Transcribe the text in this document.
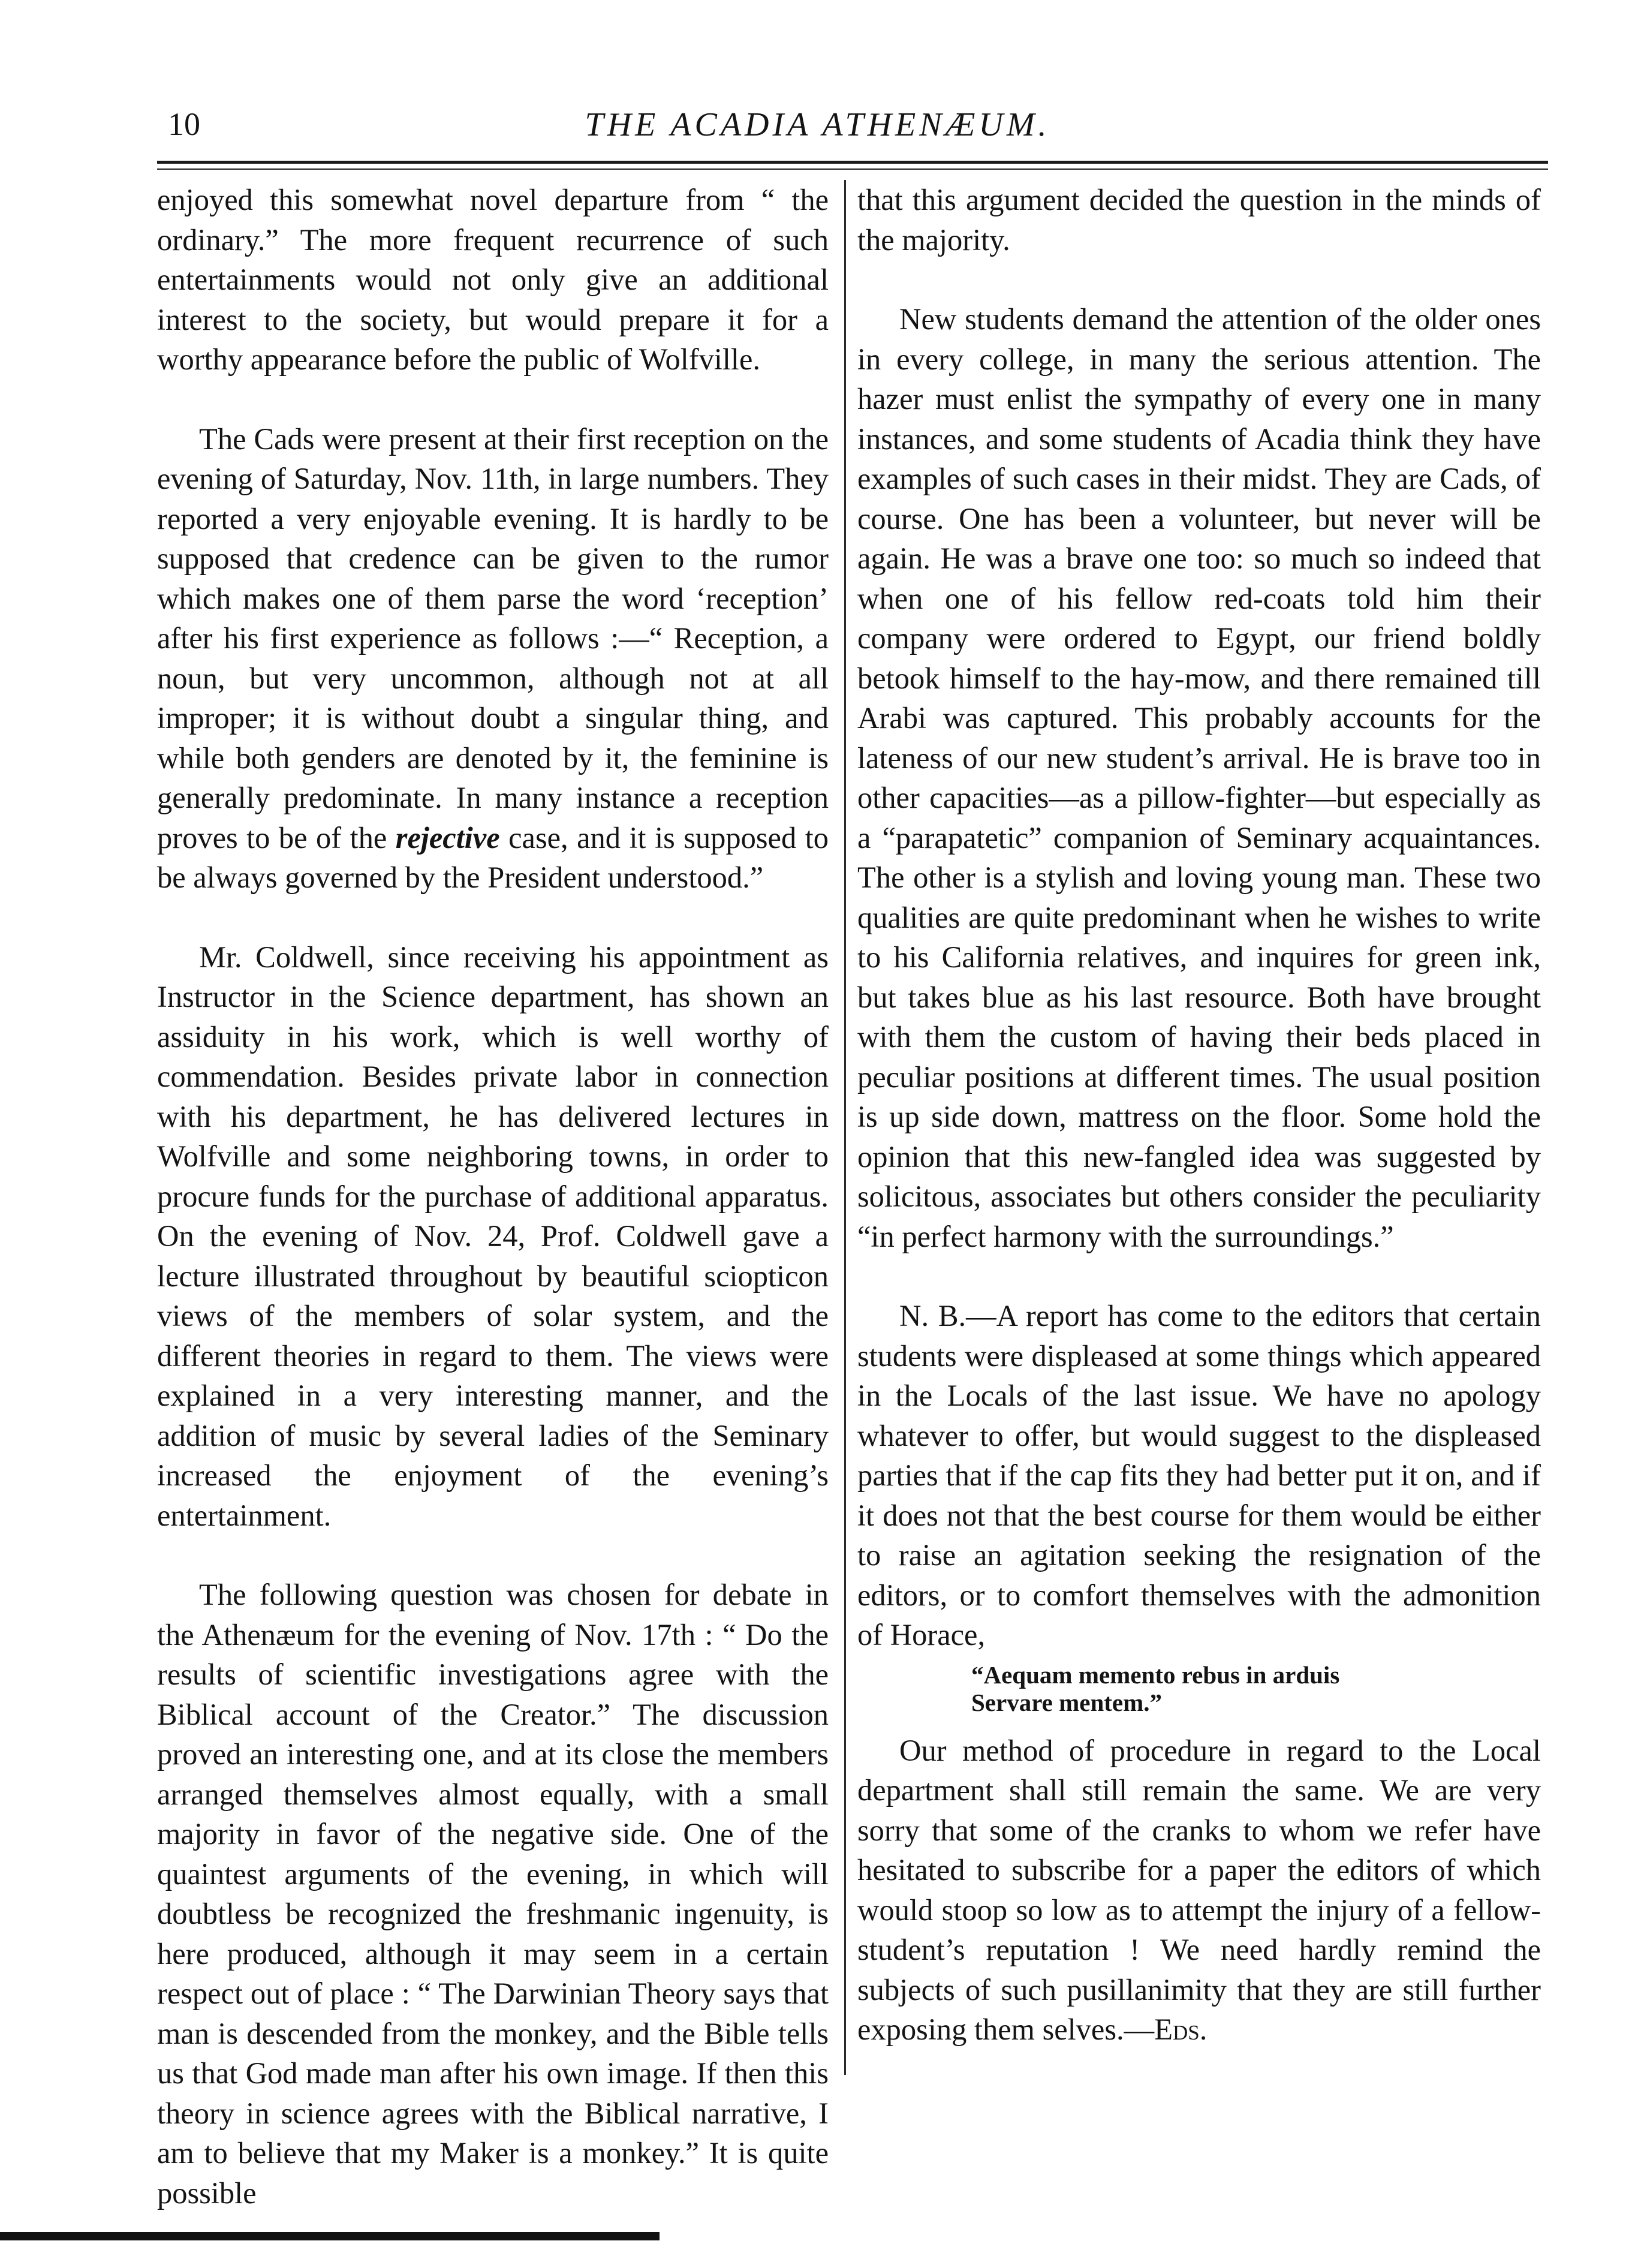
10	THE ACADIA ATHENÆUM.

enjoyed this somewhat novel departure from “ the ordinary.” The more frequent recurrence of such entertainments would not only give an additional interest to the society, but would prepare it for a worthy appearance before the public of Wolfville.

The Cads were present at their first reception on the evening of Saturday, Nov. 11th, in large numbers. They reported a very enjoyable evening. It is hardly to be supposed that credence can be given to the rumor which makes one of them parse the word ‘reception’ after his first experience as follows :—“ Reception, a noun, but very uncommon, although not at all improper; it is without doubt a singular thing, and while both genders are denoted by it, the feminine is generally predominate. In many instance a reception proves to be of the rejective case, and it is supposed to be always governed by the President understood.”

Mr. Coldwell, since receiving his appointment as Instructor in the Science department, has shown an assiduity in his work, which is well worthy of commendation. Besides private labor in connection with his department, he has delivered lectures in Wolfville and some neighboring towns, in order to procure funds for the purchase of additional apparatus. On the evening of Nov. 24, Prof. Coldwell gave a lecture illustrated throughout by beautiful sciopticon views of the members of solar system, and the different theories in regard to them. The views were explained in a very interesting manner, and the addition of music by several ladies of the Seminary increased the enjoyment of the evening’s entertainment.

The following question was chosen for debate in the Athenæum for the evening of Nov. 17th : “ Do the results of scientific investigations agree with the Biblical account of the Creator.” The discussion proved an interesting one, and at its close the members arranged themselves almost equally, with a small majority in favor of the negative side. One of the quaintest arguments of the evening, in which will doubtless be recognized the freshmanic ingenuity, is here produced, although it may seem in a certain respect out of place : “ The Darwinian Theory says that man is descended from the monkey, and the Bible tells us that God made man after his own image. If then this theory in science agrees with the Biblical narrative, I am to believe that my Maker is a monkey.” It is quite possible

that this argument decided the question in the minds of the majority.

New students demand the attention of the older ones in every college, in many the serious attention. The hazer must enlist the sympathy of every one in many instances, and some students of Acadia think they have examples of such cases in their midst. They are Cads, of course. One has been a volunteer, but never will be again. He was a brave one too: so much so indeed that when one of his fellow red-coats told him their company were ordered to Egypt, our friend boldly betook himself to the hay-mow, and there remained till Arabi was captured. This probably accounts for the lateness of our new student’s arrival. He is brave too in other capacities—as a pillow-fighter—but especially as a “parapatetic” companion of Seminary acquaintances. The other is a stylish and loving young man. These two qualities are quite predominant when he wishes to write to his California relatives, and inquires for green ink, but takes blue as his last resource. Both have brought with them the custom of having their beds placed in peculiar positions at different times. The usual position is up side down, mattress on the floor. Some hold the opinion that this new-fangled idea was suggested by solicitous, associates but others consider the peculiarity “in perfect harmony with the surroundings.”

N. B.—A report has come to the editors that certain students were displeased at some things which appeared in the Locals of the last issue. We have no apology whatever to offer, but would suggest to the displeased parties that if the cap fits they had better put it on, and if it does not that the best course for them would be either to raise an agitation seeking the resignation of the editors, or to comfort themselves with the admonition of Horace,

“Aequam memento rebus in arduis
Servare mentem.”

Our method of procedure in regard to the Local department shall still remain the same. We are very sorry that some of the cranks to whom we refer have hesitated to subscribe for a paper the editors of which would stoop so low as to attempt the injury of a fellow-student’s reputation ! We need hardly remind the subjects of such pusillanimity that they are still further exposing them selves.—Eds.
